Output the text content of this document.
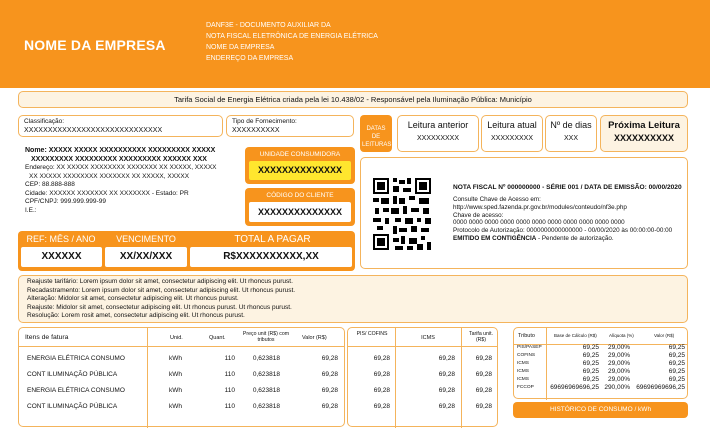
NOME DA EMPRESA
DANF3E - DOCUMENTO AUXILIAR DA
NOTA FISCAL ELETRÔNICA DE ENERGIA ELÉTRICA
NOME DA EMPRESA
ENDEREÇO DA EMPRESA
Tarifa Social de Energia Elétrica criada pela lei 10.438/02 - Responsável pela Iluminação Pública: Município
Classificação:
XXXXXXXXXXXXXXXXXXXXXXXXXXXXX
Tipo de Fornecimento:
XXXXXXXXXX	DATAS DE LEITURAS
Leitura anterior
XXXXXXXXX
Leitura atual
XXXXXXXXX
Nº de dias
XXX
Próxima Leitura
XXXXXXXXXX
Nome: XXXXX XXXXX XXXXXXXXXX XXXXXXXXX XXXXX
XXXXXXXXX XXXXXXXXX XXXXXXXXX XXXXXX XXX
Endereço: XX XXXXX XXXXXXXX XXXXXXX XX XXXXX, XXXXX
XX XXXXX XXXXXXXX XXXXXXX XX XXXXX, XXXXX
CEP: 88.888-888
Cidade: XXXXXX XXXXXXX XX XXXXXXX - Estado: PR
CPF/CNPJ: 999.999.999-99
I.E.:
UNIDADE CONSUMIDORA
XXXXXXXXXXXXXX
CÓDIGO DO CLIENTE
XXXXXXXXXXXXXX
NOTA FISCAL Nº 000000000 - SÉRIE 001 / DATA DE EMISSÃO: 00/00/2020
Consulte Chave de Acesso em:
http://www.sped.fazenda.pr.gov.br/modules/conteudo/nf3e.php
Chave de acesso:
0000 0000 0000 0000 0000 0000 0000 0000 0000 0000 0000
Protocolo de Autorização: 0000000000000000 - 00/00/2020 às 00:00:00-00:00
EMITIDO EM CONTIGÊNCIA - Pendente de autorização.
REF: MÊS / ANO	VENCIMENTO	TOTAL A PAGAR
XXXXXX	XX/XX/XXX	R$XXXXXXXXXX,XX
Reajuste tarifário: Lorem ipsum dolor sit amet, consectetur adipiscing elit. Ut rhoncus purust.
Recadastramento: Lorem ipsum dolor sit amet, consectetur adipiscing elit. Ut rhoncus purust.
Alteração: Midolor sit amet, consectetur adipiscing elit. Ut rhoncus purust.
Reajuste: Midolor sit amet, consectetur adipiscing elit. Ut rhoncus purust. Ut rhoncus purust.
Resolução: Lorem rosit amet, consectetur adipiscing elit. Ut rhoncus purust.
Itens de fatura	Unid.	Quant.
Preço unit (R$) com tributos	Valor (R$)
PIS/ COFINS
ICMS
Tarifa unit. (R$)
ENERGIA ELÉTRICA CONSUMO	kWh	110	0,623818	69,28	69,28	69,28	69,28
CONT ILUMINAÇÃO PÚBLICA	kWh	110	0,623818	69,28	69,28	69,28	69,28
ENERGIA ELÉTRICA CONSUMO	kWh	110	0,623818	69,28	69,28	69,28	69,28
CONT ILUMINAÇÃO PÚBLICA	kWh	110	0,623818	69,28	69,28	69,28	69,28
Tributo	Base de Cálculo (R$)	Alíquota (%)	Valor (R$)
PIS/PASEP	69,25	29,00%	69,25
COFINS	69,25	29,00%	69,25
ICMS	69,25	29,00%	69,25
ICMS	69,25	29,00%	69,25
ICMS	69,25	29,00%	69,25
FCCOP	69696969696,25 290,00% 69696969696,25
HISTÓRICO DE CONSUMO / kWh
